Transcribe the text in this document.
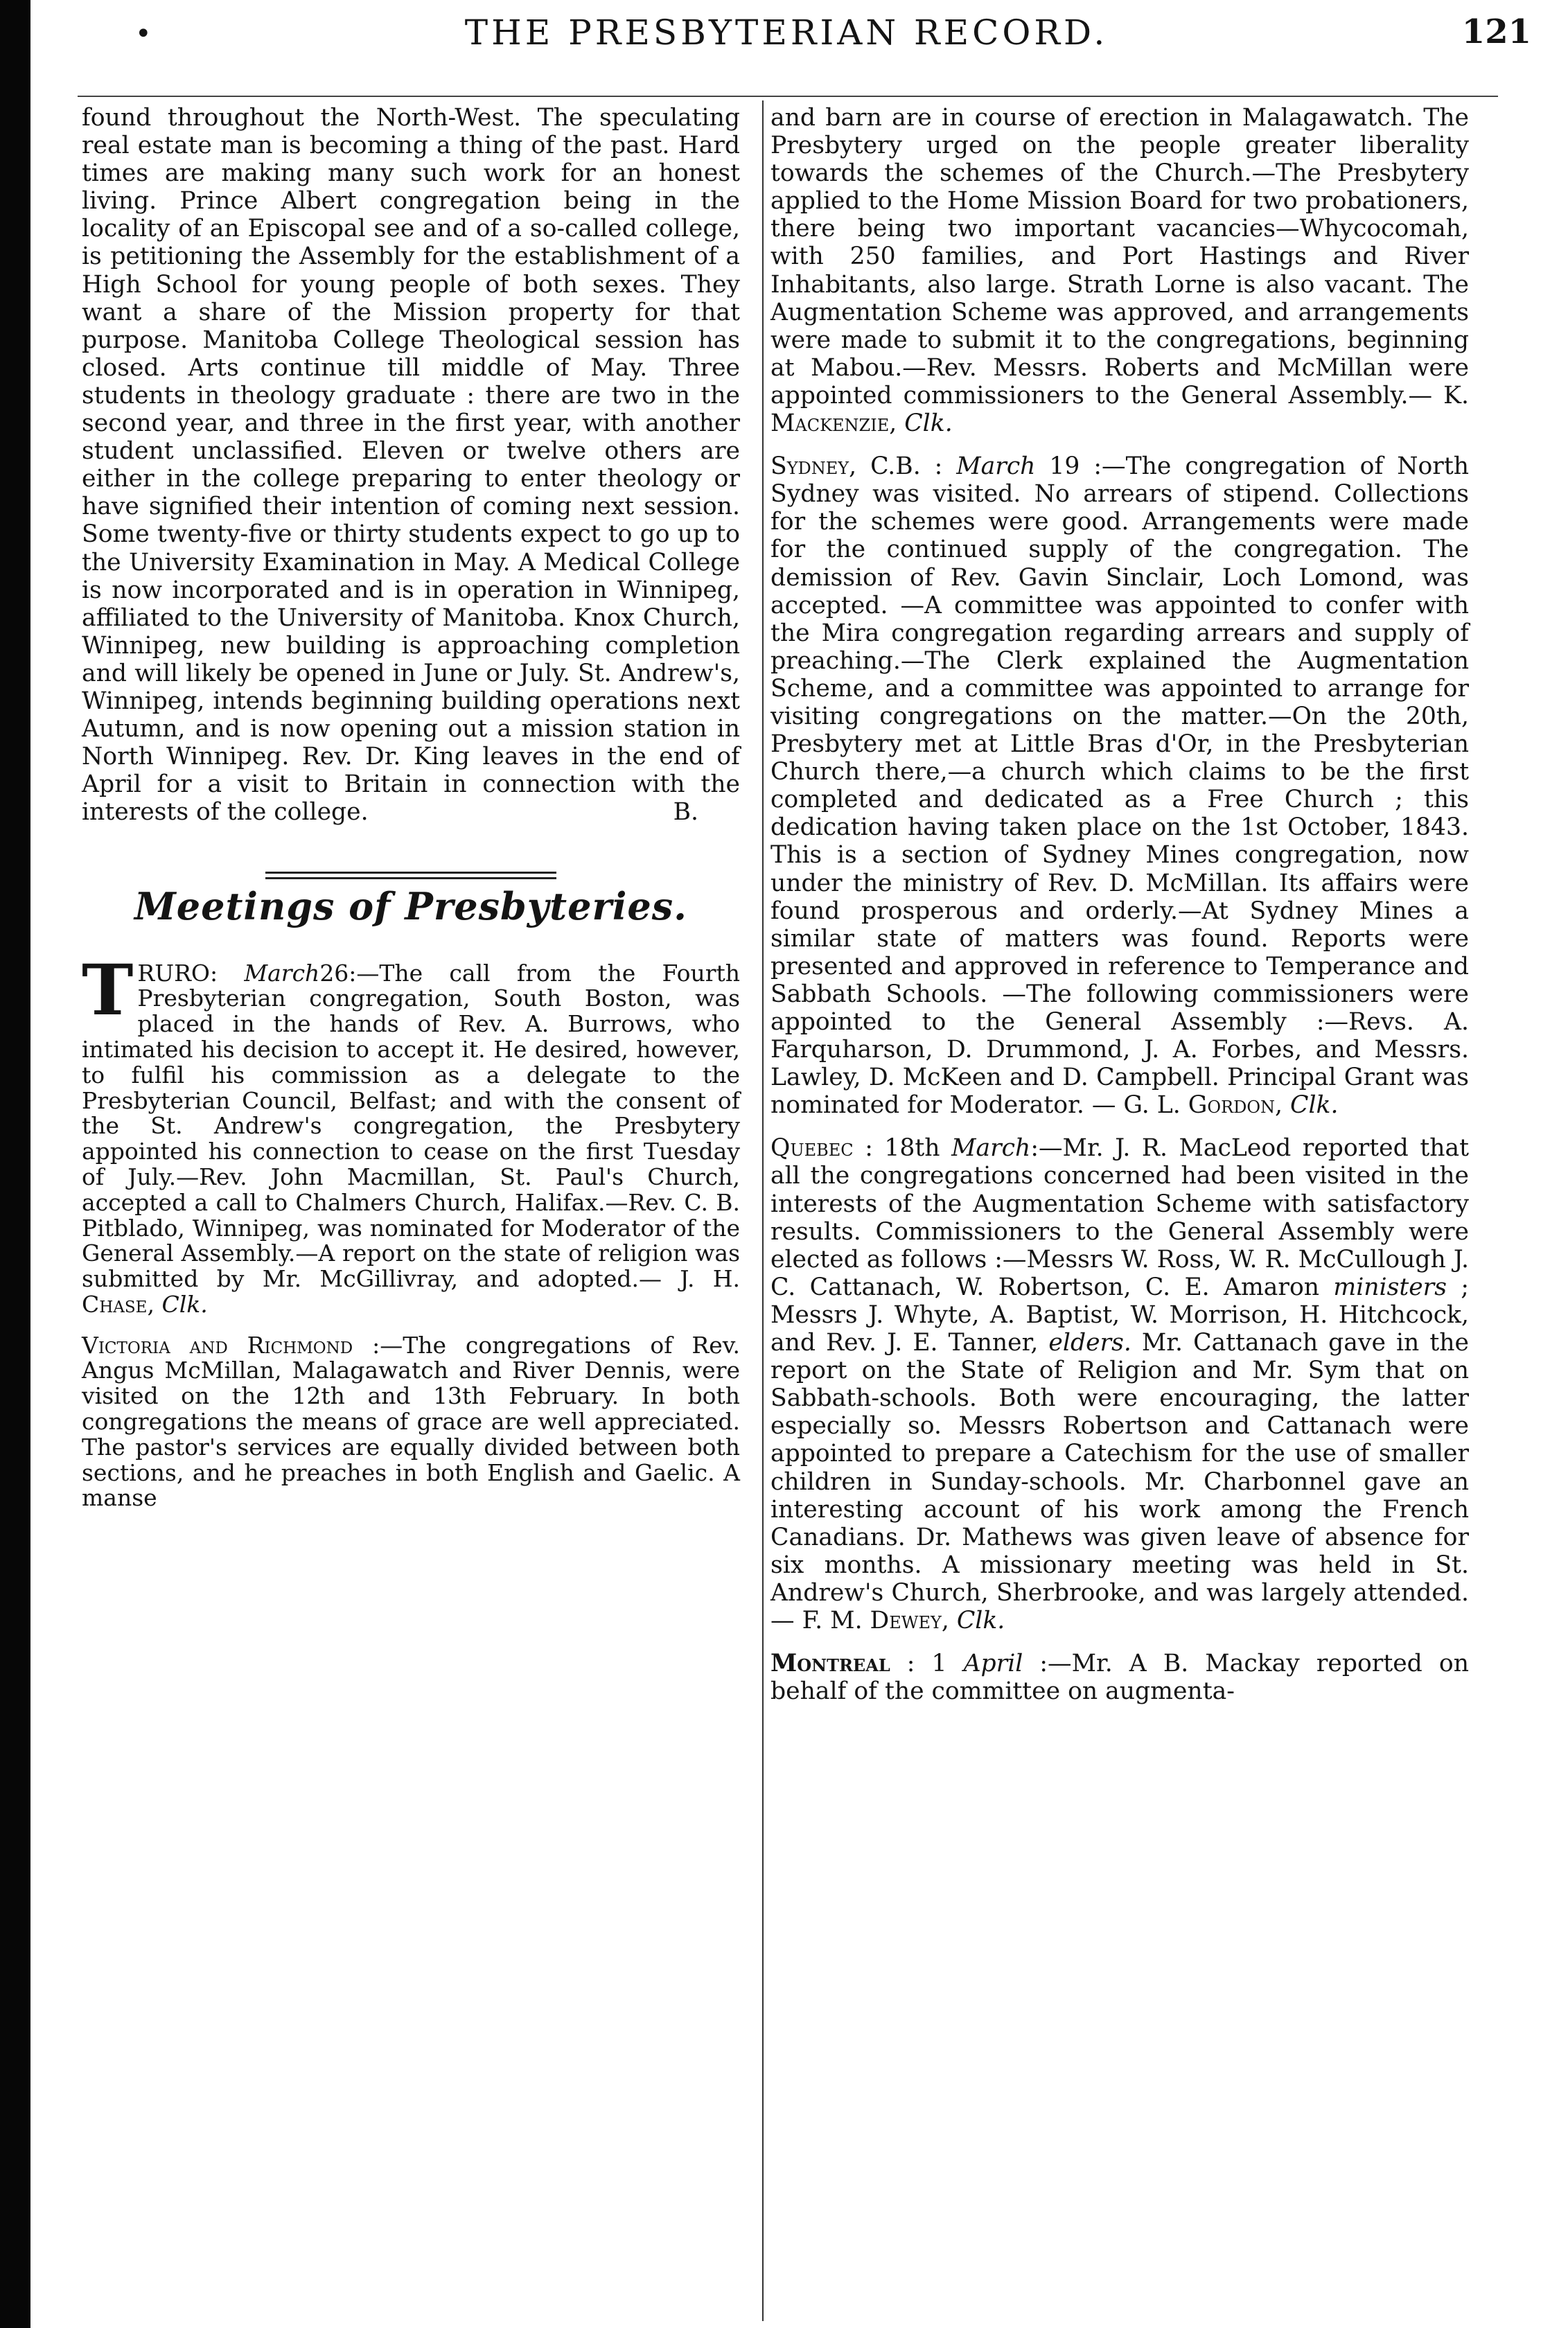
•	THE PRESBYTERIAN RECORD.	121

found throughout the North-West. The speculating real estate man is becoming a thing of the past. Hard times are making many such work for an honest living. Prince Albert congregation being in the locality of an Episcopal see and of a so-called college, is petitioning the Assembly for the establishment of a High School for young people of both sexes. They want a share of the Mission property for that purpose. Manitoba College Theological session has closed. Arts continue till middle of May. Three students in theology graduate : there are two in the second year, and three in the first year, with another student unclassified. Eleven or twelve others are either in the college preparing to enter theology or have signified their intention of coming next session. Some twenty-five or thirty students expect to go up to the University Examination in May. A Medical College is now incorporated and is in operation in Winnipeg, affiliated to the University of Manitoba. Knox Church, Winnipeg, new building is approaching completion and will likely be opened in June or July. St. Andrew's, Winnipeg, intends beginning building operations next Autumn, and is now opening out a mission station in North Winnipeg. Rev. Dr. King leaves in the end of April for a visit to Britain in connection with the interests of the college.	B.

Meetings of Presbyteries.

TRURO: March26:—The call from the Fourth Presbyterian congregation, South Boston, was placed in the hands of Rev. A. Burrows, who intimated his decision to accept it. He desired, however, to fulfil his commission as a delegate to the Presbyterian Council, Belfast; and with the consent of the St. Andrew's congregation, the Presbytery appointed his connection to cease on the first Tuesday of July.—Rev. John Macmillan, St. Paul's Church, accepted a call to Chalmers Church, Halifax.—Rev. C. B. Pitblado, Winnipeg, was nominated for Moderator of the General Assembly.—A report on the state of religion was submitted by Mr. McGillivray, and adopted.— J. H. Chase, Clk.

Victoria and Richmond :—The congregations of Rev. Angus McMillan, Malagawatch and River Dennis, were visited on the 12th and 13th February. In both congregations the means of grace are well appreciated. The pastor's services are equally divided between both sections, and he preaches in both English and Gaelic. A manse

and barn are in course of erection in Malagawatch. The Presbytery urged on the people greater liberality towards the schemes of the Church.—The Presbytery applied to the Home Mission Board for two probationers, there being two important vacancies—Whycocomah, with 250 families, and Port Hastings and River Inhabitants, also large. Strath Lorne is also vacant. The Augmentation Scheme was approved, and arrangements were made to submit it to the congregations, beginning at Mabou.—Rev. Messrs. Roberts and McMillan were appointed commissioners to the General Assembly.— K. Mackenzie, Clk.

Sydney, C.B. : March 19 :—The congregation of North Sydney was visited. No arrears of stipend. Collections for the schemes were good. Arrangements were made for the continued supply of the congregation. The demission of Rev. Gavin Sinclair, Loch Lomond, was accepted. —A committee was appointed to confer with the Mira congregation regarding arrears and supply of preaching.—The Clerk explained the Augmentation Scheme, and a committee was appointed to arrange for visiting congregations on the matter.—On the 20th, Presbytery met at Little Bras d'Or, in the Presbyterian Church there,—a church which claims to be the first completed and dedicated as a Free Church ; this dedication having taken place on the 1st October, 1843. This is a section of Sydney Mines congregation, now under the ministry of Rev. D. McMillan. Its affairs were found prosperous and orderly.—At Sydney Mines a similar state of matters was found. Reports were presented and approved in reference to Temperance and Sabbath Schools. —The following commissioners were appointed to the General Assembly :—Revs. A. Farquharson, D. Drummond, J. A. Forbes, and Messrs. Lawley, D. McKeen and D. Campbell. Principal Grant was nominated for Moderator. — G. L. Gordon, Clk.

Quebec : 18th March:—Mr. J. R. MacLeod reported that all the congregations concerned had been visited in the interests of the Augmentation Scheme with satisfactory results. Commissioners to the General Assembly were elected as follows :—Messrs W. Ross, W. R. McCullough J. C. Cattanach, W. Robertson, C. E. Amaron ministers ; Messrs J. Whyte, A. Baptist, W. Morrison, H. Hitchcock, and Rev. J. E. Tanner, elders. Mr. Cattanach gave in the report on the State of Religion and Mr. Sym that on Sabbath-schools. Both were encouraging, the latter especially so. Messrs Robertson and Cattanach were appointed to prepare a Catechism for the use of smaller children in Sunday-schools. Mr. Charbonnel gave an interesting account of his work among the French Canadians. Dr. Mathews was given leave of absence for six months. A missionary meeting was held in St. Andrew's Church, Sherbrooke, and was largely attended.— F. M. Dewey, Clk.

Montreal : 1 April :—Mr. A B. Mackay reported on behalf of the committee on augmenta-
